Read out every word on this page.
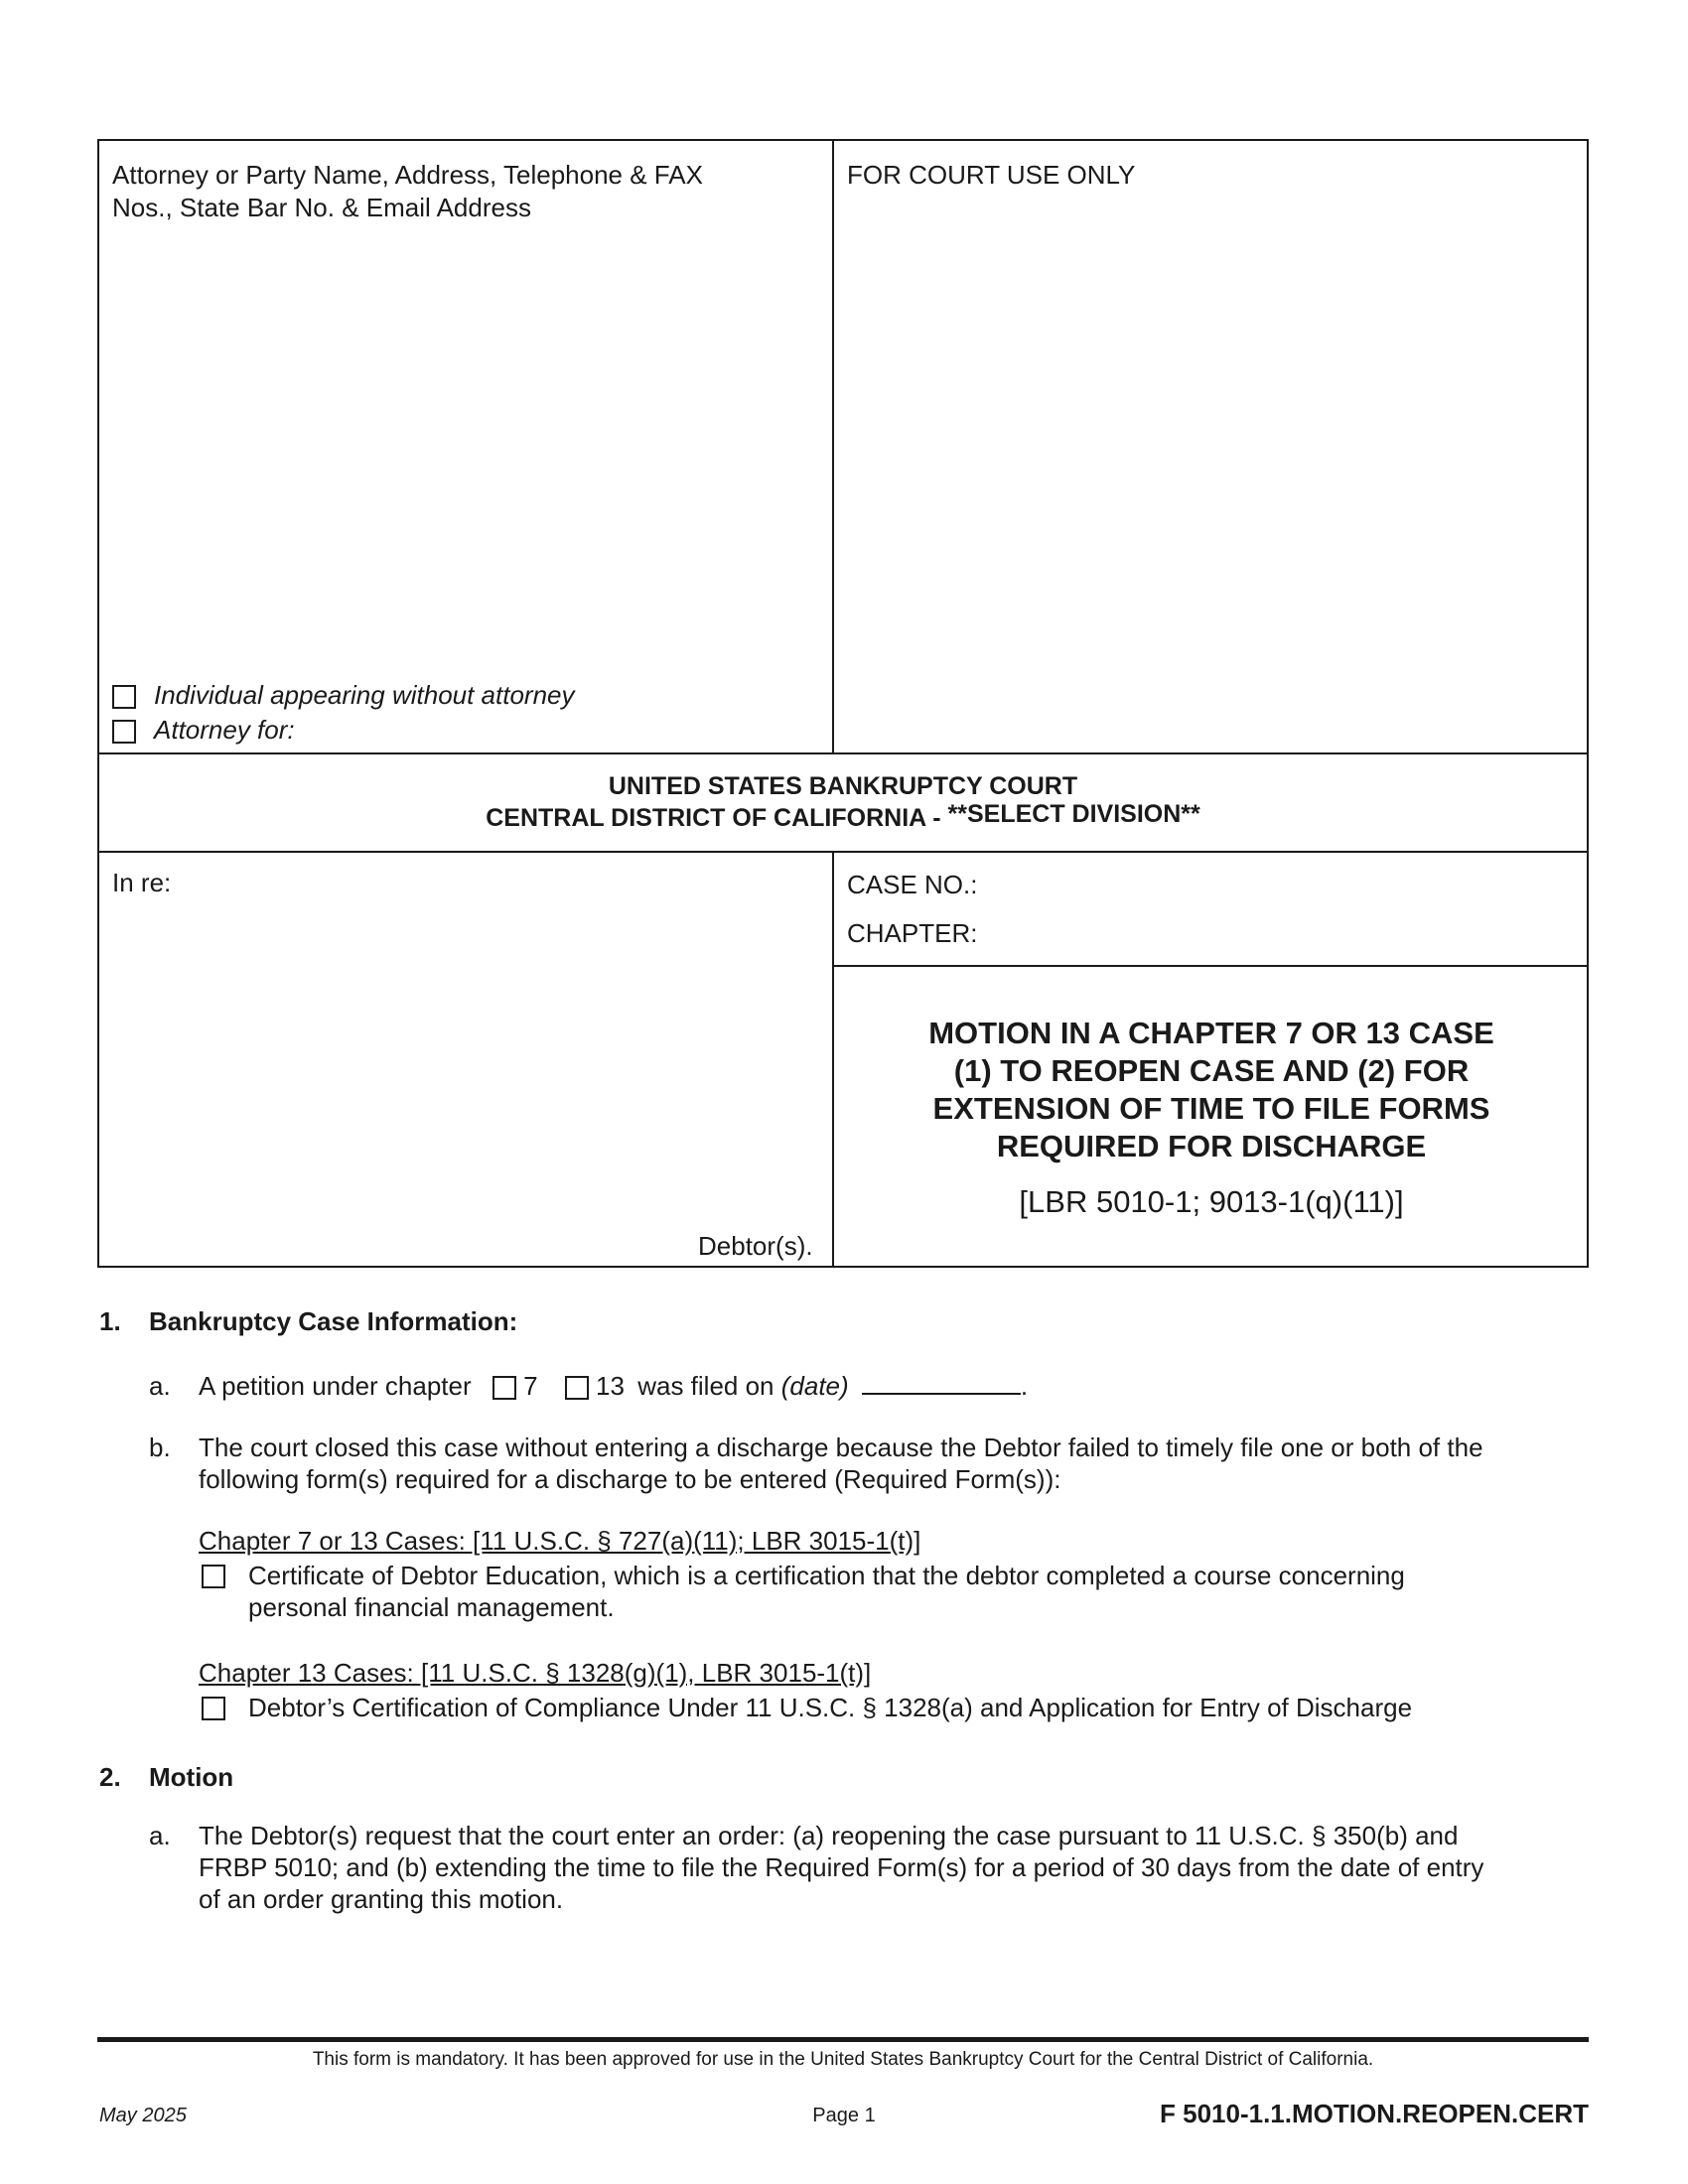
Attorney or Party Name, Address, Telephone & FAX
Nos., State Bar No. & Email Address
FOR COURT USE ONLY
Individual appearing without attorney
Attorney for:
UNITED STATES BANKRUPTCY COURT
CENTRAL DISTRICT OF CALIFORNIA - **SELECT DIVISION**
In re:
Debtor(s).
CASE NO.:
CHAPTER:
MOTION IN A CHAPTER 7 OR 13 CASE
(1) TO REOPEN CASE AND (2) FOR
EXTENSION OF TIME TO FILE FORMS
REQUIRED FOR DISCHARGE
[LBR 5010-1; 9013-1(q)(11)]
1. Bankruptcy Case Information:
a. A petition under chapter 7 13 was filed on (date)	.
b. The court closed this case without entering a discharge because the Debtor failed to timely file one or both of the
following form(s) required for a discharge to be entered (Required Form(s)):
Chapter 7 or 13 Cases: [11 U.S.C. § 727(a)(11); LBR 3015-1(t)]
Certificate of Debtor Education, which is a certification that the debtor completed a course concerning
personal financial management.
Chapter 13 Cases: [11 U.S.C. § 1328(g)(1), LBR 3015-1(t)]
Debtor’s Certification of Compliance Under 11 U.S.C. § 1328(a) and Application for Entry of Discharge
2. Motion
a. The Debtor(s) request that the court enter an order: (a) reopening the case pursuant to 11 U.S.C. § 350(b) and
FRBP 5010; and (b) extending the time to file the Required Form(s) for a period of 30 days from the date of entry
of an order granting this motion.
This form is mandatory. It has been approved for use in the United States Bankruptcy Court for the Central District of California.
May 2025	Page 1	F 5010-1.1.MOTION.REOPEN.CERT
